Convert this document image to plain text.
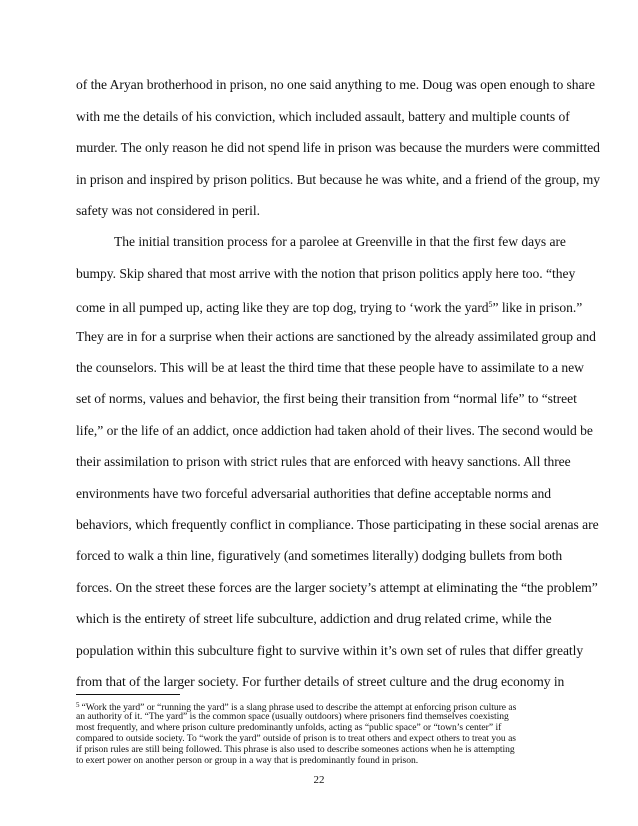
of the Aryan brotherhood in prison, no one said anything to me. Doug was open enough to share
with me the details of his conviction, which included assault, battery and multiple counts of
murder. The only reason he did not spend life in prison was because the murders were committed
in prison and inspired by prison politics. But because he was white, and a friend of the group, my
safety was not considered in peril.
The initial transition process for a parolee at Greenville in that the first few days are
bumpy. Skip shared that most arrive with the notion that prison politics apply here too. “they
come in all pumped up, acting like they are top dog, trying to ‘work the yard$^5$” like in prison.”
They are in for a surprise when their actions are sanctioned by the already assimilated group and
the counselors. This will be at least the third time that these people have to assimilate to a new
set of norms, values and behavior, the first being their transition from “normal life” to “street
life,” or the life of an addict, once addiction had taken ahold of their lives. The second would be
their assimilation to prison with strict rules that are enforced with heavy sanctions. All three
environments have two forceful adversarial authorities that define acceptable norms and
behaviors, which frequently conflict in compliance. Those participating in these social arenas are
forced to walk a thin line, figuratively (and sometimes literally) dodging bullets from both
forces. On the street these forces are the larger society’s attempt at eliminating the “the problem”
which is the entirety of street life subculture, addiction and drug related crime, while the
population within this subculture fight to survive within it’s own set of rules that differ greatly
from that of the larger society. For further details of street culture and the drug economy in
$^5$ “Work the yard” or “running the yard” is a slang phrase used to describe the attempt at enforcing prison culture as
an authority of it. “The yard” is the common space (usually outdoors) where prisoners find themselves coexisting
most frequently, and where prison culture predominantly unfolds, acting as “public space” or “town’s center” if
compared to outside society. To “work the yard” outside of prison is to treat others and expect others to treat you as
if prison rules are still being followed. This phrase is also used to describe someones actions when he is attempting
to exert power on another person or group in a way that is predominantly found in prison.
22
